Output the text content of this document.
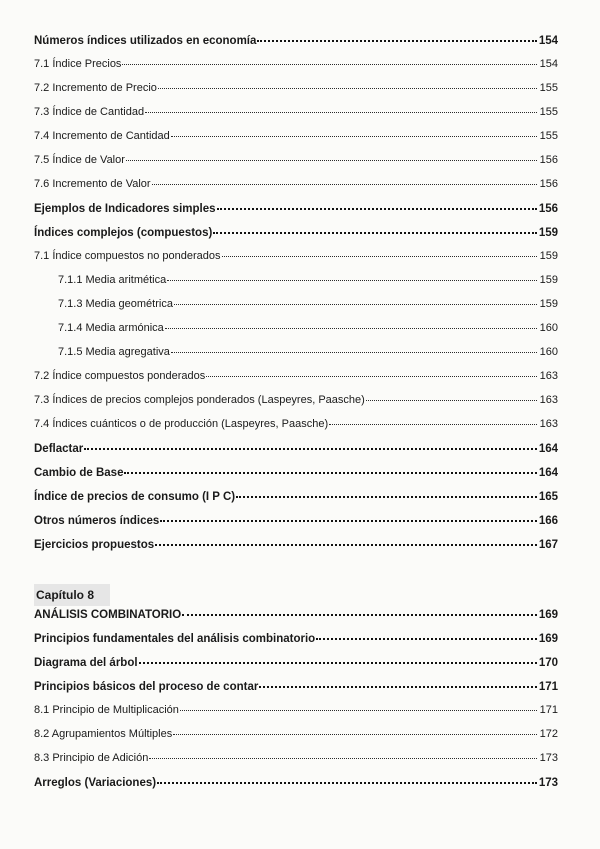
Números índices utilizados en economía	154
7.1 Índice Precios	154
7.2 Incremento de Precio	155
7.3 Índice de Cantidad	155
7.4 Incremento de Cantidad	155
7.5 Índice de Valor	156
7.6 Incremento de Valor	156
Ejemplos de Indicadores simples	156
Índices complejos (compuestos)	159
7.1 Índice compuestos no ponderados	159
7.1.1 Media aritmética	159
7.1.3 Media geométrica	159
7.1.4 Media armónica	160
7.1.5 Media agregativa	160
7.2 Índice compuestos ponderados	163
7.3 Índices de precios complejos ponderados (Laspeyres, Paasche)	163
7.4 Índices cuánticos o de producción (Laspeyres, Paasche)	163
Deflactar	164
Cambio de Base	164
Índice de precios de consumo (I P C)	165
Otros números índices	166
Ejercicios propuestos	167
Capítulo 8
ANÁLISIS COMBINATORIO	169
Principios fundamentales del análisis combinatorio	169
Diagrama del árbol	170
Principios básicos del proceso de contar	171
8.1 Principio de Multiplicación	171
8.2 Agrupamientos Múltiples	172
8.3 Principio de Adición	173
Arreglos (Variaciones)	173
